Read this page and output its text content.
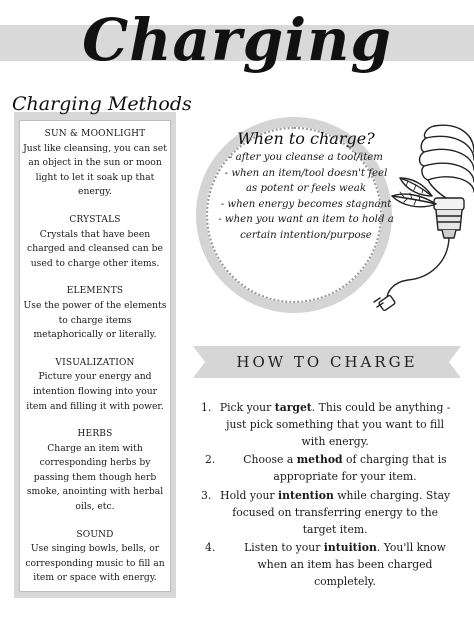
Charging
Charging Methods
SUN & MOONLIGHT
Just like cleansing, you can set an object in the sun or moon light to let it soak up that energy.
CRYSTALS
Crystals that have been charged and cleansed can be used to charge other items.
ELEMENTS
Use the power of the elements to charge items metaphorically or literally.
VISUALIZATION
Picture your energy and intention flowing into your item and filling it with power.
HERBS
Charge an item with corresponding herbs by passing them though herb smoke, anointing with herbal oils, etc.
SOUND
Use singing bowls, bells, or corresponding music to fill an item or space with energy.
When to charge?
- after you cleanse a tool/item
- when an item/tool doesn't feel as potent or feels weak
- when energy becomes stagnant
- when you want an item to hold a certain intention/purpose
HOW TO CHARGE
1. Pick your target. This could be anything - just pick something that you want to fill with energy.
2.	Choose a method of charging that is appropriate for your item.
3. Hold your intention while charging. Stay focused on transferring energy to the target item.
4.	Listen to your intuition. You'll know when an item has been charged completely.
